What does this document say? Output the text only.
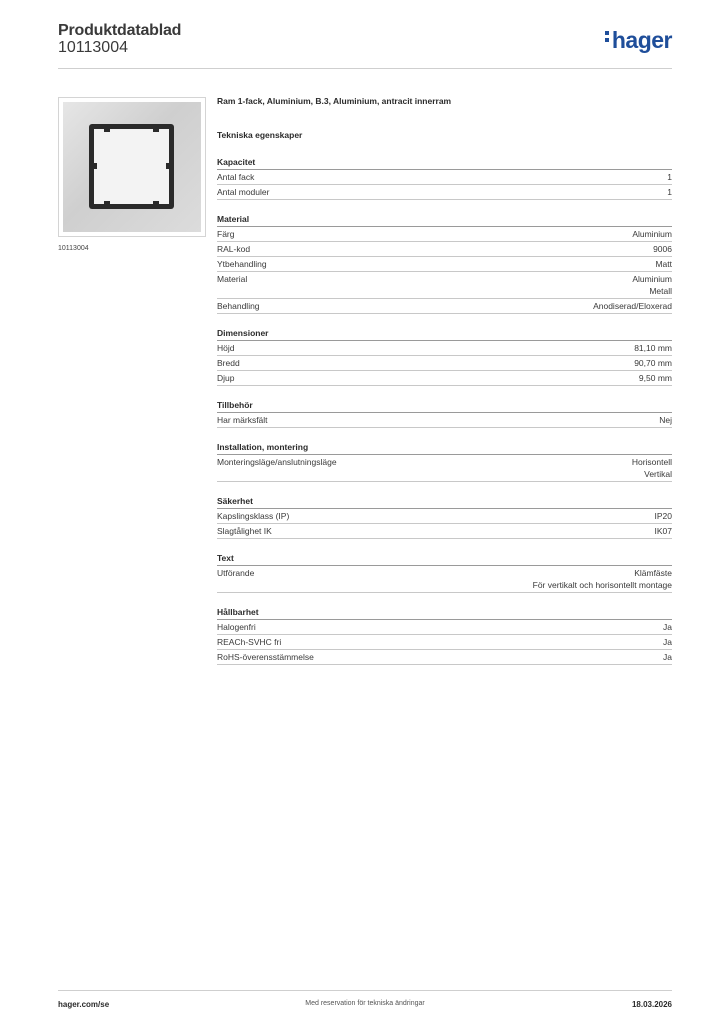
Produktdatablad
10113004	hager
10113004
Ram 1-fack, Aluminium, B.3, Aluminium, antracit innerram
Tekniska egenskaper
Kapacitet
Antal fack	1
Antal moduler	1
Material
Färg	Aluminium
RAL-kod	9006
Ytbehandling	Matt
Material	Aluminium
Metall
Behandling	Anodiserad/Eloxerad
Dimensioner
Höjd	81,10 mm
Bredd	90,70 mm
Djup	9,50 mm
Tillbehör
Har märksfält	Nej
Installation, montering
Monteringsläge/anslutningsläge	Horisontell
Vertikal
Säkerhet
Kapslingsklass (IP)	IP20
Slagtålighet IK	IK07
Text
Utförande	Klämfäste
För vertikalt och horisontellt montage
Hållbarhet
Halogenfri	Ja
REACh-SVHC fri	Ja
RoHS-överensstämmelse	Ja
hager.com/se	Med reservation för tekniska ändringar	18.03.2026
